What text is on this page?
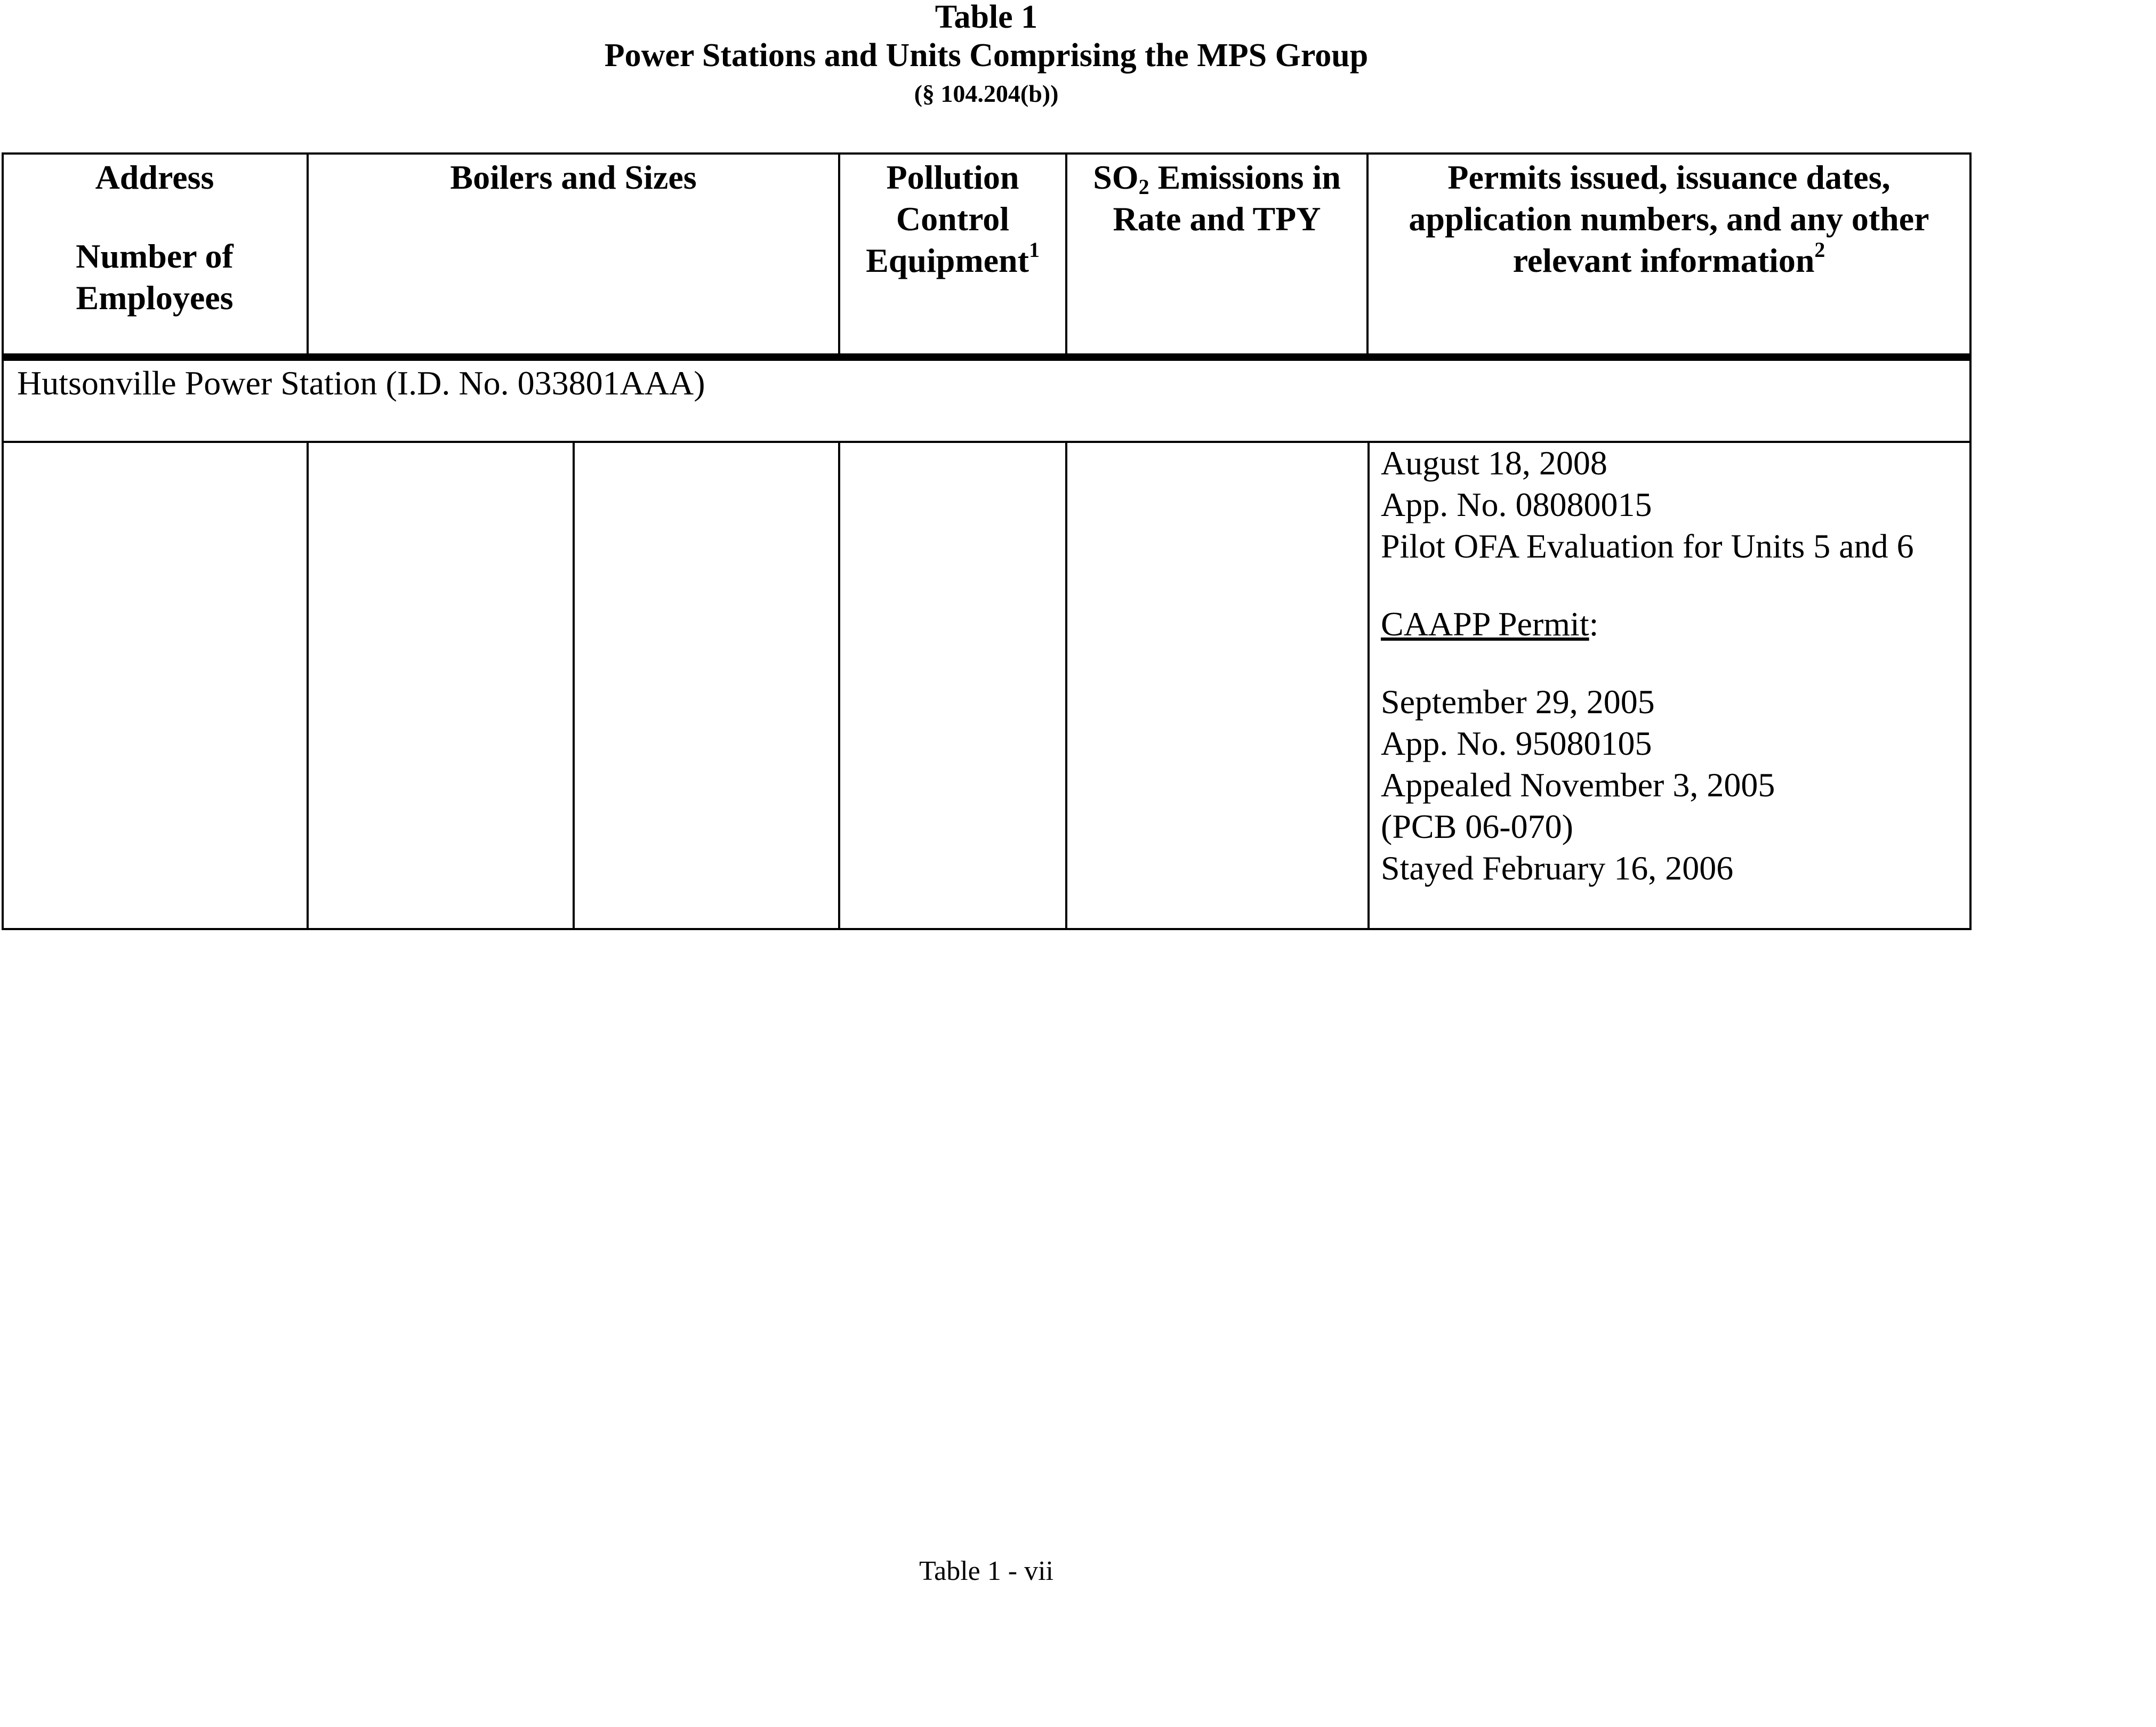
Table 1
Power Stations and Units Comprising the MPS Group
(§ 104.204(b))
Address
Number of
Employees
Boilers and Sizes	Pollution
Control
Equipment$^1$
$SO_2$ Emissions in
Rate and TPY
Permits issued, issuance dates,
application numbers, and any other
relevant information$^2$
Hutsonville Power Station (I.D. No. 033801AAA)
August 18, 2008
App. No. 08080015
Pilot OFA Evaluation for Units 5 and 6
CAAPP Permit:
September 29, 2005
App. No. 95080105
Appealed November 3, 2005
(PCB 06-070)
Stayed February 16, 2006
Table 1 - vii
